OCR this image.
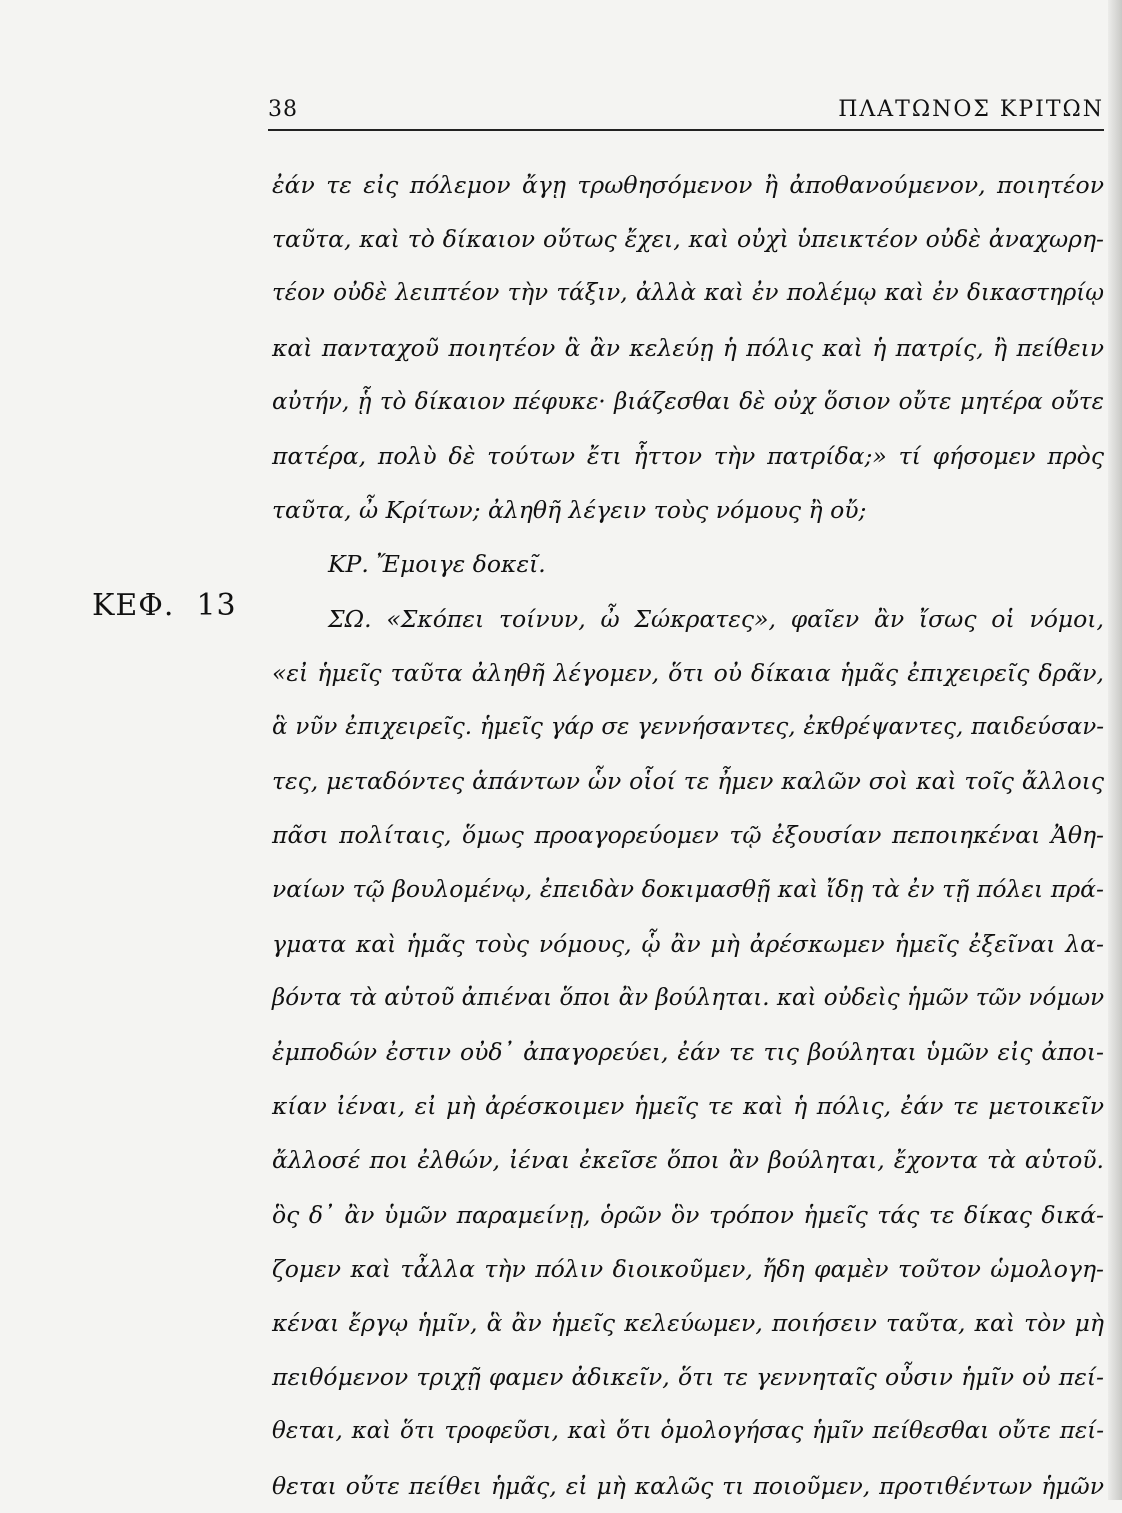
38	ΠΛΑΤΩΝΟΣ ΚΡΙΤΩΝ
ΚΕΦ. 13
ἐάν τε εἰς πόλεμον ἄγῃ τρωθησόμενον ἢ ἀποθανούμενον, ποιητέον
ταῦτα, καὶ τὸ δίκαιον οὕτως ἔχει, καὶ οὐχὶ ὑπεικτέον οὐδὲ ἀναχωρη-
τέον οὐδὲ λειπτέον τὴν τάξιν, ἀλλὰ καὶ ἐν πολέμῳ καὶ ἐν δικαστηρίῳ
καὶ πανταχοῦ ποιητέον ἃ ἂν κελεύῃ ἡ πόλις καὶ ἡ πατρίς, ἢ πείθειν
αὐτήν, ᾗ τὸ δίκαιον πέφυκε· βιάζεσθαι δὲ οὐχ ὅσιον οὔτε μητέρα οὔτε
πατέρα, πολὺ δὲ τούτων ἔτι ἧττον τὴν πατρίδα;» τί φήσομεν πρὸς
ταῦτα, ὦ Κρίτων; ἀληθῆ λέγειν τοὺς νόμους ἢ οὔ;
ΚΡ. Ἔμοιγε δοκεῖ.
ΣΩ. «Σκόπει τοίνυν, ὦ Σώκρατες», φαῖεν ἂν ἴσως οἱ νόμοι,
«εἰ ἡμεῖς ταῦτα ἀληθῆ λέγομεν, ὅτι οὐ δίκαια ἡμᾶς ἐπιχειρεῖς δρᾶν,
ἃ νῦν ἐπιχειρεῖς. ἡμεῖς γάρ σε γεννήσαντες, ἐκθρέψαντες, παιδεύσαν-
τες, μεταδόντες ἁπάντων ὧν οἷοί τε ἦμεν καλῶν σοὶ καὶ τοῖς ἄλλοις
πᾶσι πολίταις, ὅμως προαγορεύομεν τῷ ἐξουσίαν πεποιηκέναι Ἀθη-
ναίων τῷ βουλομένῳ, ἐπειδὰν δοκιμασθῇ καὶ ἴδῃ τὰ ἐν τῇ πόλει πρά-
γματα καὶ ἡμᾶς τοὺς νόμους, ᾧ ἂν μὴ ἀρέσκωμεν ἡμεῖς ἐξεῖναι λα-
βόντα τὰ αὑτοῦ ἀπιέναι ὅποι ἂν βούληται. καὶ οὐδεὶς ἡμῶν τῶν νόμων
ἐμποδών ἐστιν οὐδ᾽ ἀπαγορεύει, ἐάν τε τις βούληται ὑμῶν εἰς ἀποι-
κίαν ἰέναι, εἰ μὴ ἀρέσκοιμεν ἡμεῖς τε καὶ ἡ πόλις, ἐάν τε μετοικεῖν
ἄλλοσέ ποι ἐλθών, ἰέναι ἐκεῖσε ὅποι ἂν βούληται, ἔχοντα τὰ αὑτοῦ.
ὃς δ᾽ ἂν ὑμῶν παραμείνῃ, ὁρῶν ὃν τρόπον ἡμεῖς τάς τε δίκας δικά-
ζομεν καὶ τἆλλα τὴν πόλιν διοικοῦμεν, ἤδη φαμὲν τοῦτον ὡμολογη-
κέναι ἔργῳ ἡμῖν, ἃ ἂν ἡμεῖς κελεύωμεν, ποιήσειν ταῦτα, καὶ τὸν μὴ
πειθόμενον τριχῇ φαμεν ἀδικεῖν, ὅτι τε γεννηταῖς οὖσιν ἡμῖν οὐ πεί-
θεται, καὶ ὅτι τροφεῦσι, καὶ ὅτι ὁμολογήσας ἡμῖν πείθεσθαι οὔτε πεί-
θεται οὔτε πείθει ἡμᾶς, εἰ μὴ καλῶς τι ποιοῦμεν, προτιθέντων ἡμῶν
